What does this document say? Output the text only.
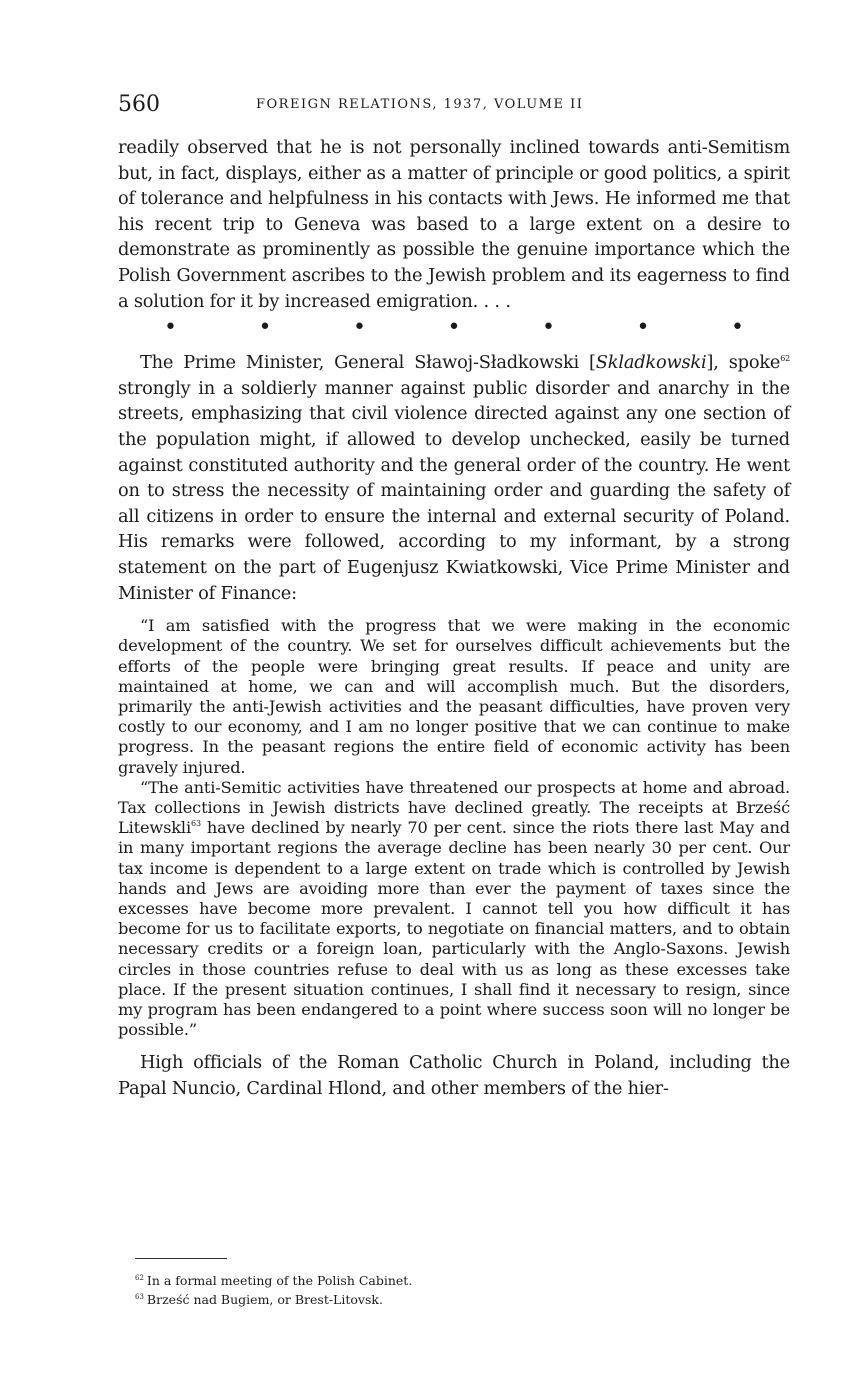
560	FOREIGN RELATIONS, 1937, VOLUME II

readily observed that he is not personally inclined towards anti-Semitism but, in fact, displays, either as a matter of principle or good politics, a spirit of tolerance and helpfulness in his contacts with Jews. He informed me that his recent trip to Geneva was based to a large extent on a desire to demonstrate as prominently as possible the genuine importance which the Polish Government ascribes to the Jewish problem and its eagerness to find a solution for it by increased emigration. . . .

•	•	•	•	•	•	•

The Prime Minister, General Sławoj-Sładkowski [Skladkowski], spoke$^{62}$ strongly in a soldierly manner against public disorder and anarchy in the streets, emphasizing that civil violence directed against any one section of the population might, if allowed to develop unchecked, easily be turned against constituted authority and the general order of the country. He went on to stress the necessity of maintaining order and guarding the safety of all citizens in order to ensure the internal and external security of Poland. His remarks were followed, according to my informant, by a strong statement on the part of Eugenjusz Kwiatkowski, Vice Prime Minister and Minister of Finance:

“I am satisfied with the progress that we were making in the economic development of the country. We set for ourselves difficult achievements but the efforts of the people were bringing great results. If peace and unity are maintained at home, we can and will accomplish much. But the disorders, primarily the anti-Jewish activities and the peasant difficulties, have proven very costly to our economy, and I am no longer positive that we can continue to make progress. In the peasant regions the entire field of economic activity has been gravely injured.

“The anti-Semitic activities have threatened our prospects at home and abroad. Tax collections in Jewish districts have declined greatly. The receipts at Brześć Litewskli$^{63}$ have declined by nearly 70 per cent. since the riots there last May and in many important regions the average decline has been nearly 30 per cent. Our tax income is dependent to a large extent on trade which is controlled by Jewish hands and Jews are avoiding more than ever the payment of taxes since the excesses have become more prevalent. I cannot tell you how difficult it has become for us to facilitate exports, to negotiate on financial matters, and to obtain necessary credits or a foreign loan, particularly with the Anglo-Saxons. Jewish circles in those countries refuse to deal with us as long as these excesses take place. If the present situation continues, I shall find it necessary to resign, since my program has been endangered to a point where success soon will no longer be possible.”

High officials of the Roman Catholic Church in Poland, including the Papal Nuncio, Cardinal Hlond, and other members of the hier-

$^{62}$ In a formal meeting of the Polish Cabinet.
$^{63}$ Brześć nad Bugiem, or Brest-Litovsk.
